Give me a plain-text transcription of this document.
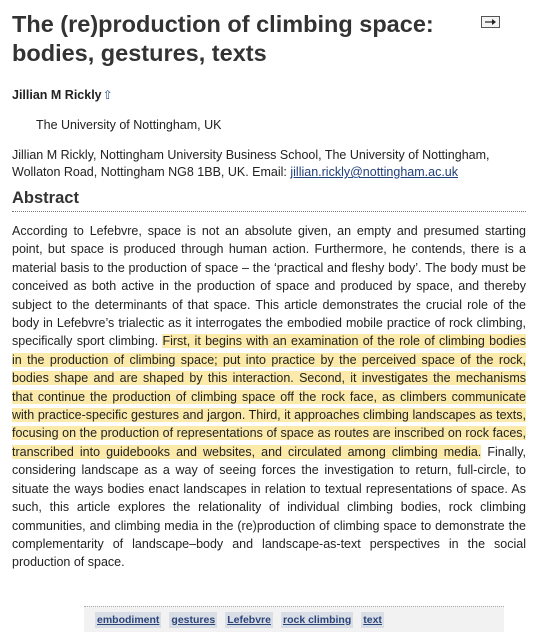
The (re)production of climbing space: bodies, gestures, texts
Jillian M Rickly⇧
The University of Nottingham, UK
Jillian M Rickly, Nottingham University Business School, The University of Nottingham, Wollaton Road, Nottingham NG8 1BB, UK. Email: jillian.rickly@nottingham.ac.uk
Abstract

According to Lefebvre, space is not an absolute given, an empty and presumed starting point, but space is produced through human action. Furthermore, he contends, there is a material basis to the production of space – the ‘practical and fleshy body’. The body must be conceived as both active in the production of space and produced by space, and thereby subject to the determinants of that space. This article demonstrates the crucial role of the body in Lefebvre’s trialectic as it interrogates the embodied mobile practice of rock climbing, specifically sport climbing. First, it begins with an examination of the role of climbing bodies in the production of climbing space; put into practice by the perceived space of the rock, bodies shape and are shaped by this interaction. Second, it investigates the mechanisms that continue the production of climbing space off the rock face, as climbers communicate with practice-specific gestures and jargon. Third, it approaches climbing landscapes as texts, focusing on the production of representations of space as routes are inscribed on rock faces, transcribed into guidebooks and websites, and circulated among climbing media. Finally, considering landscape as a way of seeing forces the investigation to return, full-circle, to situate the ways bodies enact landscapes in relation to textual representations of space. As such, this article explores the relationality of individual climbing bodies, rock climbing communities, and climbing media in the (re)production of climbing space to demonstrate the complementarity of landscape–body and landscape-as-text perspectives in the social production of space.

embodiment gestures Lefebvre rock climbing text
